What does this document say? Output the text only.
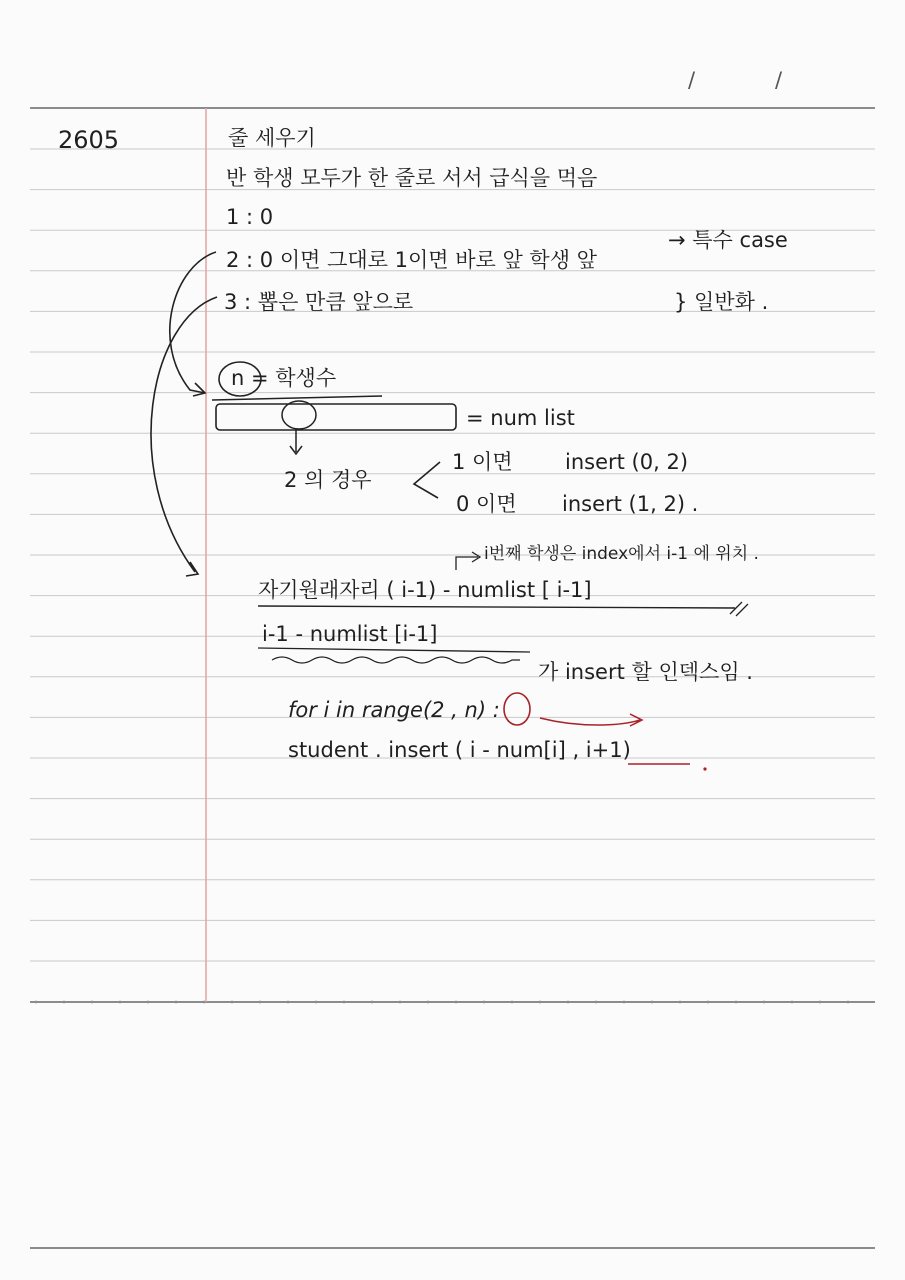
/	/
2605	줄 세우기
반 학생 모두가 한 줄로 서서 급식을 먹음
1 : 0
2 : 0 이면 그대로 1이면 바로 앞 학생 앞
→ 특수 case
3 : 뽑은 만큼 앞으로	} 일반화 .
n = 학생수
= num list
2 의 경우
1 이면 insert (0, 2)
0 이면 insert (1, 2) .
i번째 학생은 index에서 i-1 에 위치 .
자기원래자리 ( i-1) - numlist [ i-1]
i-1 - numlist [i-1]
가 insert 할 인덱스임 .
for i in range(2 , n) :
student . insert ( i - num[i] , i+1)
